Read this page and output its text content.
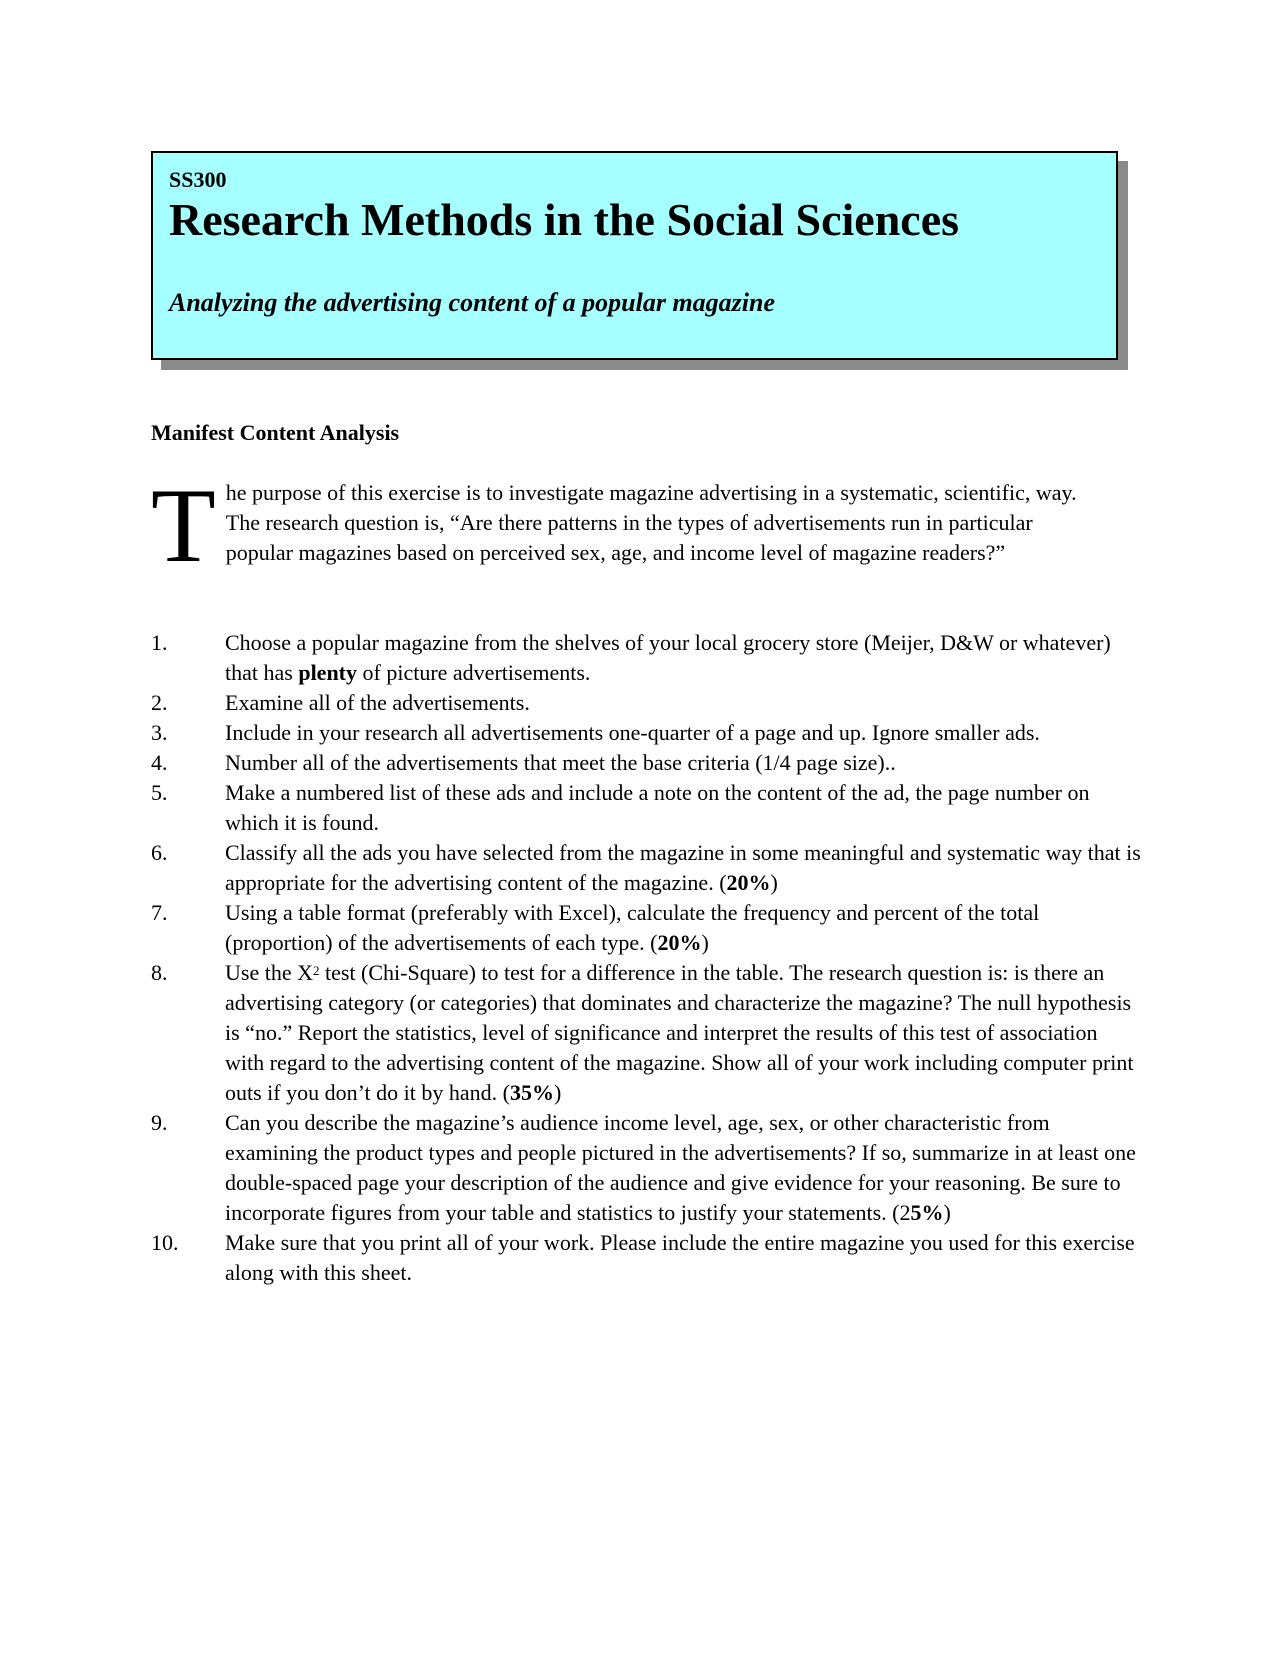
SS300

Research Methods in the Social Sciences

Analyzing the advertising content of a popular magazine

Manifest Content Analysis

The purpose of this exercise is to investigate magazine advertising in a systematic, scientific, way. The research question is, “Are there patterns in the types of advertisements run in particular popular magazines based on perceived sex, age, and income level of magazine readers?”

1.	Choose a popular magazine from the shelves of your local grocery store (Meijer, D&W or whatever) that has plenty of picture advertisements.
2.	Examine all of the advertisements.
3.	Include in your research all advertisements one-quarter of a page and up. Ignore smaller ads.
4.	Number all of the advertisements that meet the base criteria (1/4 page size)..
5.	Make a numbered list of these ads and include a note on the content of the ad, the page number on which it is found.
6.	Classify all the ads you have selected from the magazine in some meaningful and systematic way that is appropriate for the advertising content of the magazine. (20%)
7.	Using a table format (preferably with Excel), calculate the frequency and percent of the total (proportion) of the advertisements of each type. (20%)
8.	Use the $X^2$ test (Chi-Square) to test for a difference in the table. The research question is: is there an advertising category (or categories) that dominates and characterize the magazine? The null hypothesis is “no.” Report the statistics, level of significance and interpret the results of this test of association with regard to the advertising content of the magazine. Show all of your work including computer print outs if you don’t do it by hand. (35%)
9.	Can you describe the magazine’s audience income level, age, sex, or other characteristic from examining the product types and people pictured in the advertisements? If so, summarize in at least one double-spaced page your description of the audience and give evidence for your reasoning. Be sure to incorporate figures from your table and statistics to justify your statements. (25%)
10. Make sure that you print all of your work. Please include the entire magazine you used for this exercise along with this sheet.
